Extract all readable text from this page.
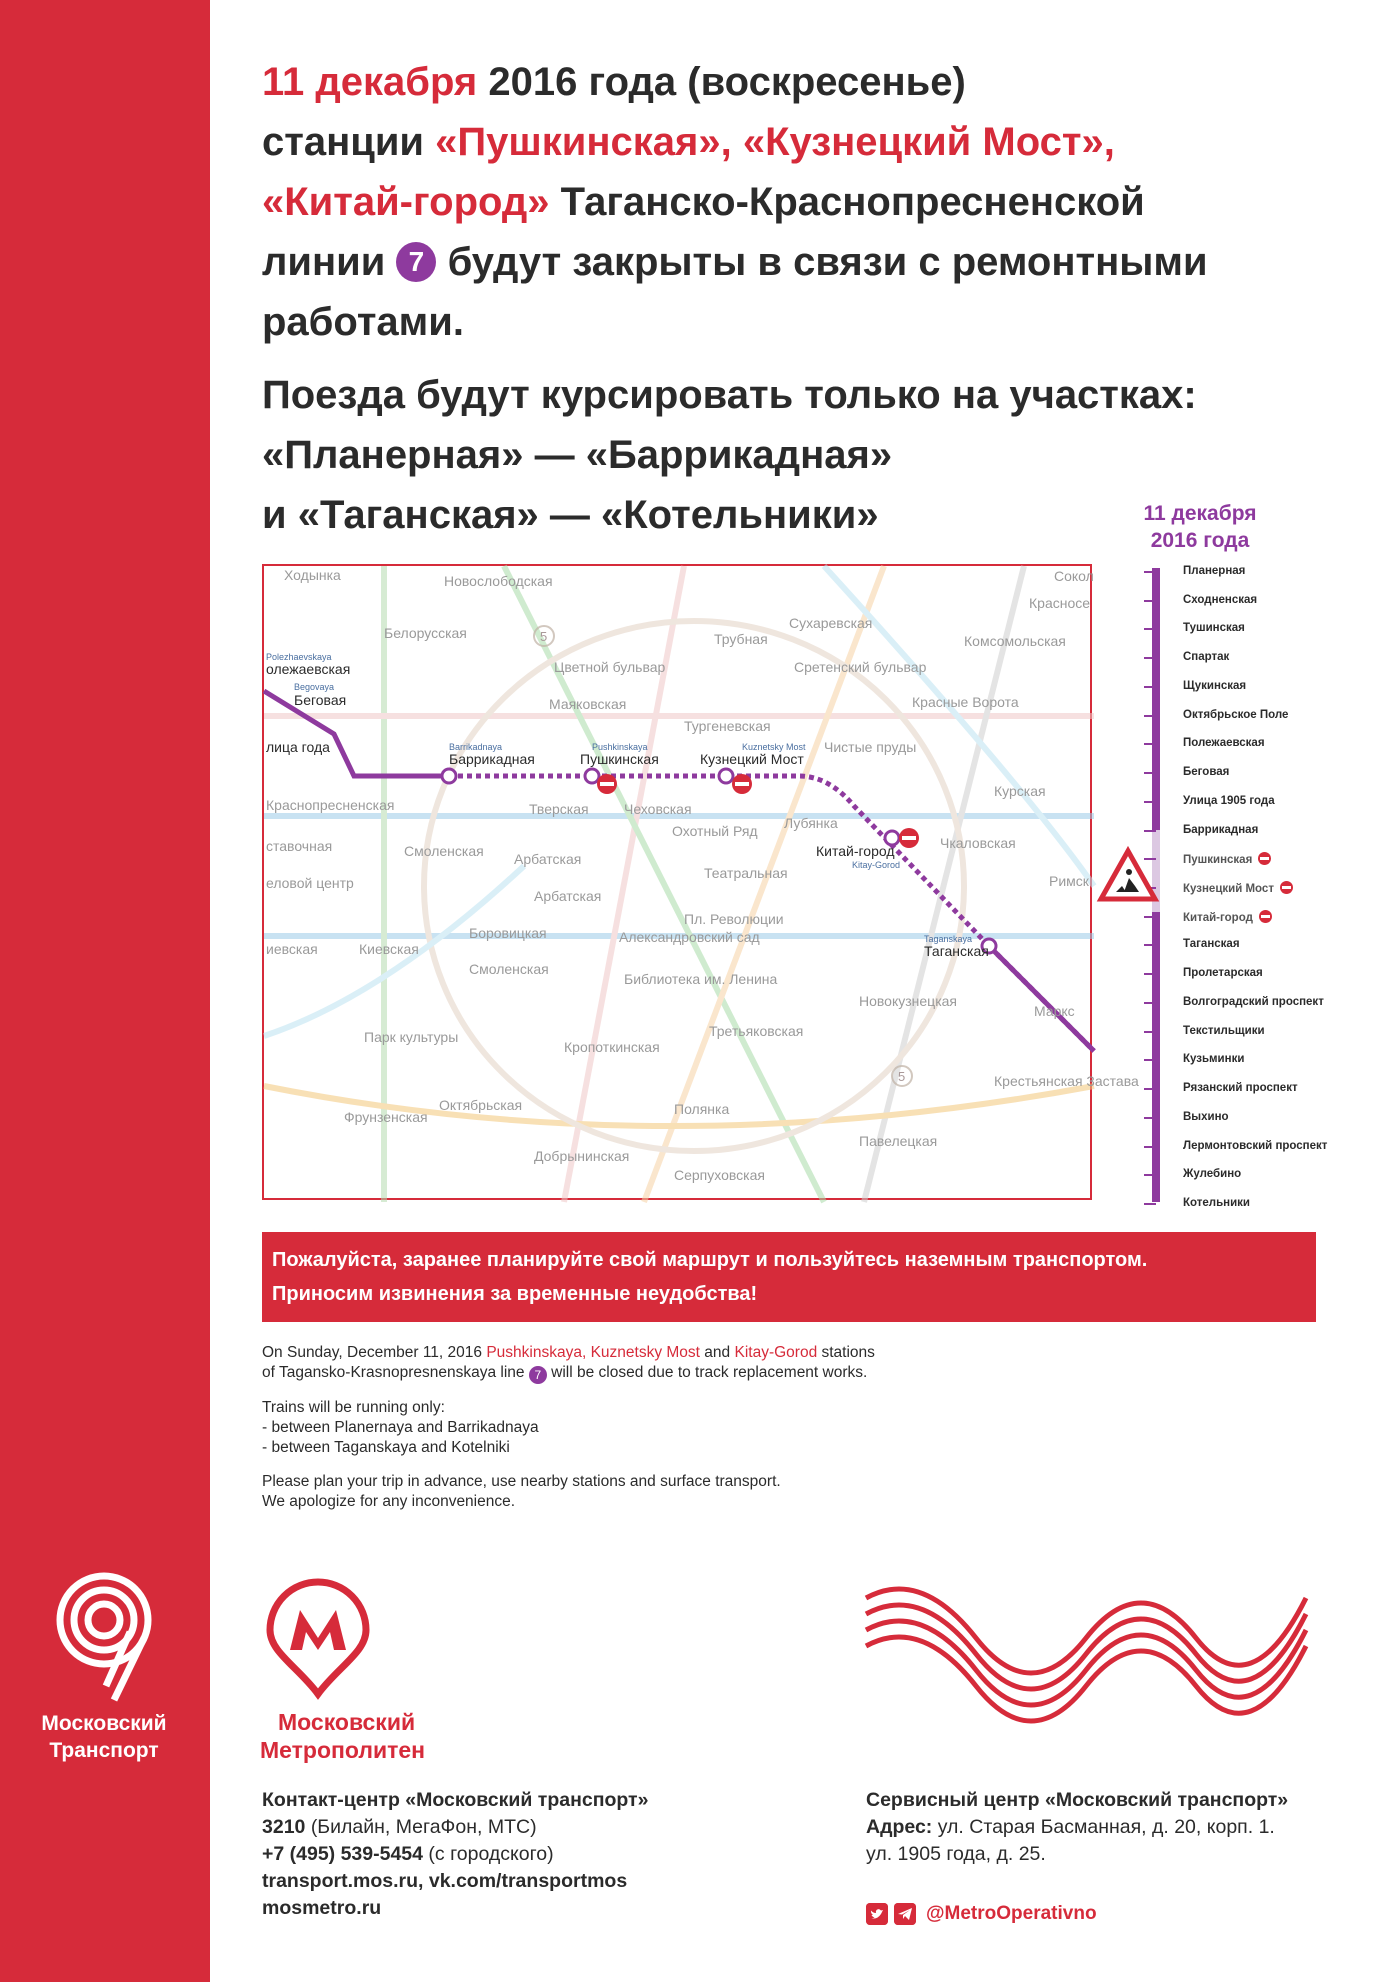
11 декабря 2016 года (воскресенье)
станции «Пушкинская», «Кузнецкий Мост»,
«Китай-город» Таганско-Краснопресненской
линии 7 будут закрыты в связи с ремонтными
работами.
Поезда будут курсировать только на участках:
«Планерная» — «Баррикадная»
и «Таганская» — «Котельники»
5
5
Новослободская	Сокол
Красносе
Ходынка
Сухаревская
Трубная
Белорусская
Цветной бульвар	Сретенский бульвар
Комсомольская
Маяковская	Красные Ворота
Тургеневская
Чистые пруды
Курская
Краснопресненская	Тверская	Чеховская
Охотный Ряд Лубянка
Чкаловская
ставочная	Смоленская Арбатская
Театральная	Римск
еловой центр
Арбатская
Пл. Революции
Александровский сад
Боровицкая
иевская	Киевская
Смоленская
Библиотека им. Ленина
Новокузнецкая
Маркс
Парк культуры
Кропоткинская
Третьяковская
Крестьянская Застава
Октябрьская	Полянка
Фрунзенская
Добрынинская
Павелецкая
Серпуховская
Polezhaevskaya
олежаевская
Begovaya
Беговая
лица года	Barrikadnaya
Баррикадная
Pushkinskaya
Пушкинская
Kuznetsky Most
Кузнецкий Мост
Китай-город
Kitay-Gorod
Taganskaya
Таганская
11 декабря
2016 года
Планерная
Сходненская
Тушинская
Спартак
Щукинская
Октябрьское Поле
Полежаевская
Беговая
Улица 1905 года
Баррикадная
Пушкинская
Кузнецкий Мост
Китай-город
Таганская
Пролетарская
Волгоградский проспект
Текстильщики
Кузьминки
Рязанский проспект
Выхино
Лермонтовский проспект
Жулебино
Котельники
Пожалуйста, заранее планируйте свой маршрут и пользуйтесь наземным транспортом.
Приносим извинения за временные неудобства!

On Sunday, December 11, 2016 Pushkinskaya, Kuznetsky Most and Kitay-Gorod stations
of Tagansko-Krasnopresnenskaya line 7 will be closed due to track replacement works.

Trains will be running only:
- between Planernaya and Barrikadnaya
- between Taganskaya and Kotelniki

Please plan your trip in advance, use nearby stations and surface transport.
We apologize for any inconvenience.

Московский
Транспорт
Московский
Метрополитен
Контакт-центр «Московский транспорт»
3210 (Билайн, МегаФон, МТС)
+7 (495) 539-5454 (с городского)
transport.mos.ru, vk.com/transportmos
mosmetro.ru
Сервисный центр «Московский транспорт»
Адрес: ул. Старая Басманная, д. 20, корп. 1.
ул. 1905 года, д. 25.
@MetroOperativno
